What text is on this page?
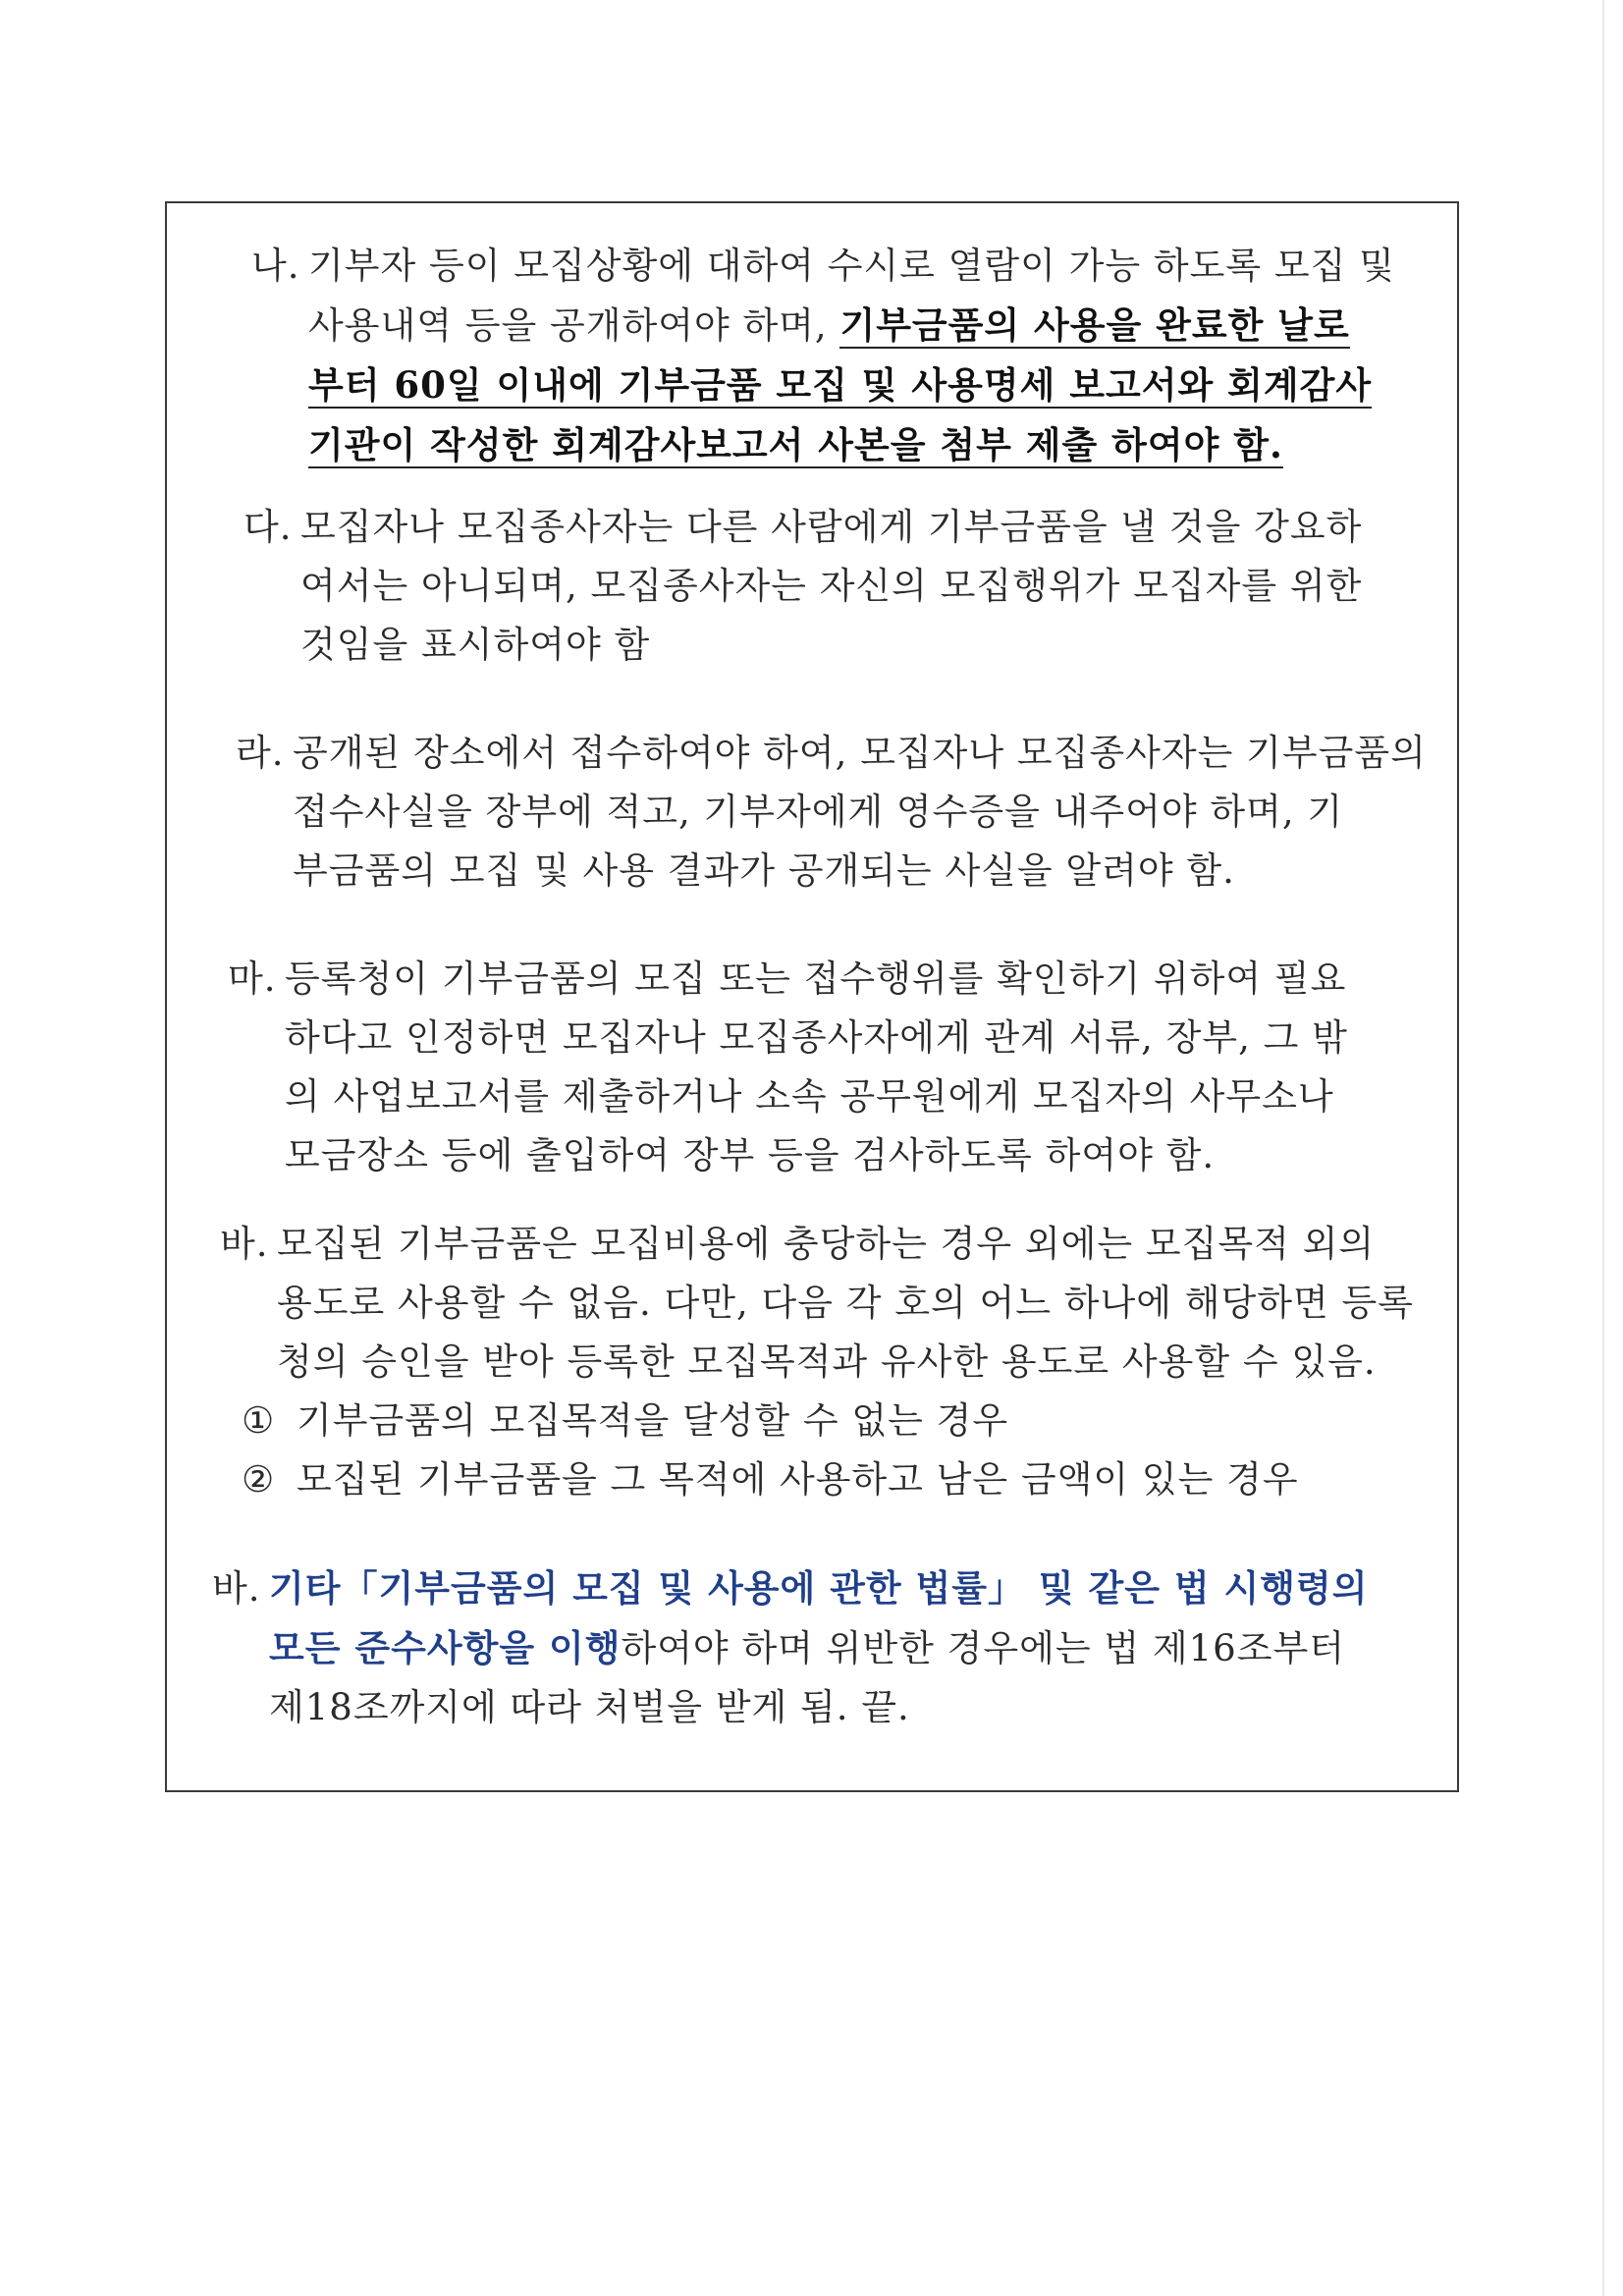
나. 기부자 등이 모집상황에 대하여 수시로 열람이 가능 하도록 모집 및
사용내역 등을 공개하여야 하며, 기부금품의 사용을 완료한 날로
부터 60일 이내에 기부금품 모집 및 사용명세 보고서와 회계감사
기관이 작성한 회계감사보고서 사본을 첨부 제출 하여야 함.
다. 모집자나 모집종사자는 다른 사람에게 기부금품을 낼 것을 강요하
여서는 아니되며, 모집종사자는 자신의 모집행위가 모집자를 위한
것임을 표시하여야 함
라. 공개된 장소에서 접수하여야 하여, 모집자나 모집종사자는 기부금품의
접수사실을 장부에 적고, 기부자에게 영수증을 내주어야 하며, 기
부금품의 모집 및 사용 결과가 공개되는 사실을 알려야 함.
마. 등록청이 기부금품의 모집 또는 접수행위를 확인하기 위하여 필요
하다고 인정하면 모집자나 모집종사자에게 관계 서류, 장부, 그 밖
의 사업보고서를 제출하거나 소속 공무원에게 모집자의 사무소나
모금장소 등에 출입하여 장부 등을 검사하도록 하여야 함.
바. 모집된 기부금품은 모집비용에 충당하는 경우 외에는 모집목적 외의
용도로 사용할 수 없음. 다만, 다음 각 호의 어느 하나에 해당하면 등록
청의 승인을 받아 등록한 모집목적과 유사한 용도로 사용할 수 있음.
① 기부금품의 모집목적을 달성할 수 없는 경우
② 모집된 기부금품을 그 목적에 사용하고 남은 금액이 있는 경우
바. 기타「기부금품의 모집 및 사용에 관한 법률」 및 같은 법 시행령의
모든 준수사항을 이행하여야 하며 위반한 경우에는 법 제16조부터
제18조까지에 따라 처벌을 받게 됨. 끝.
